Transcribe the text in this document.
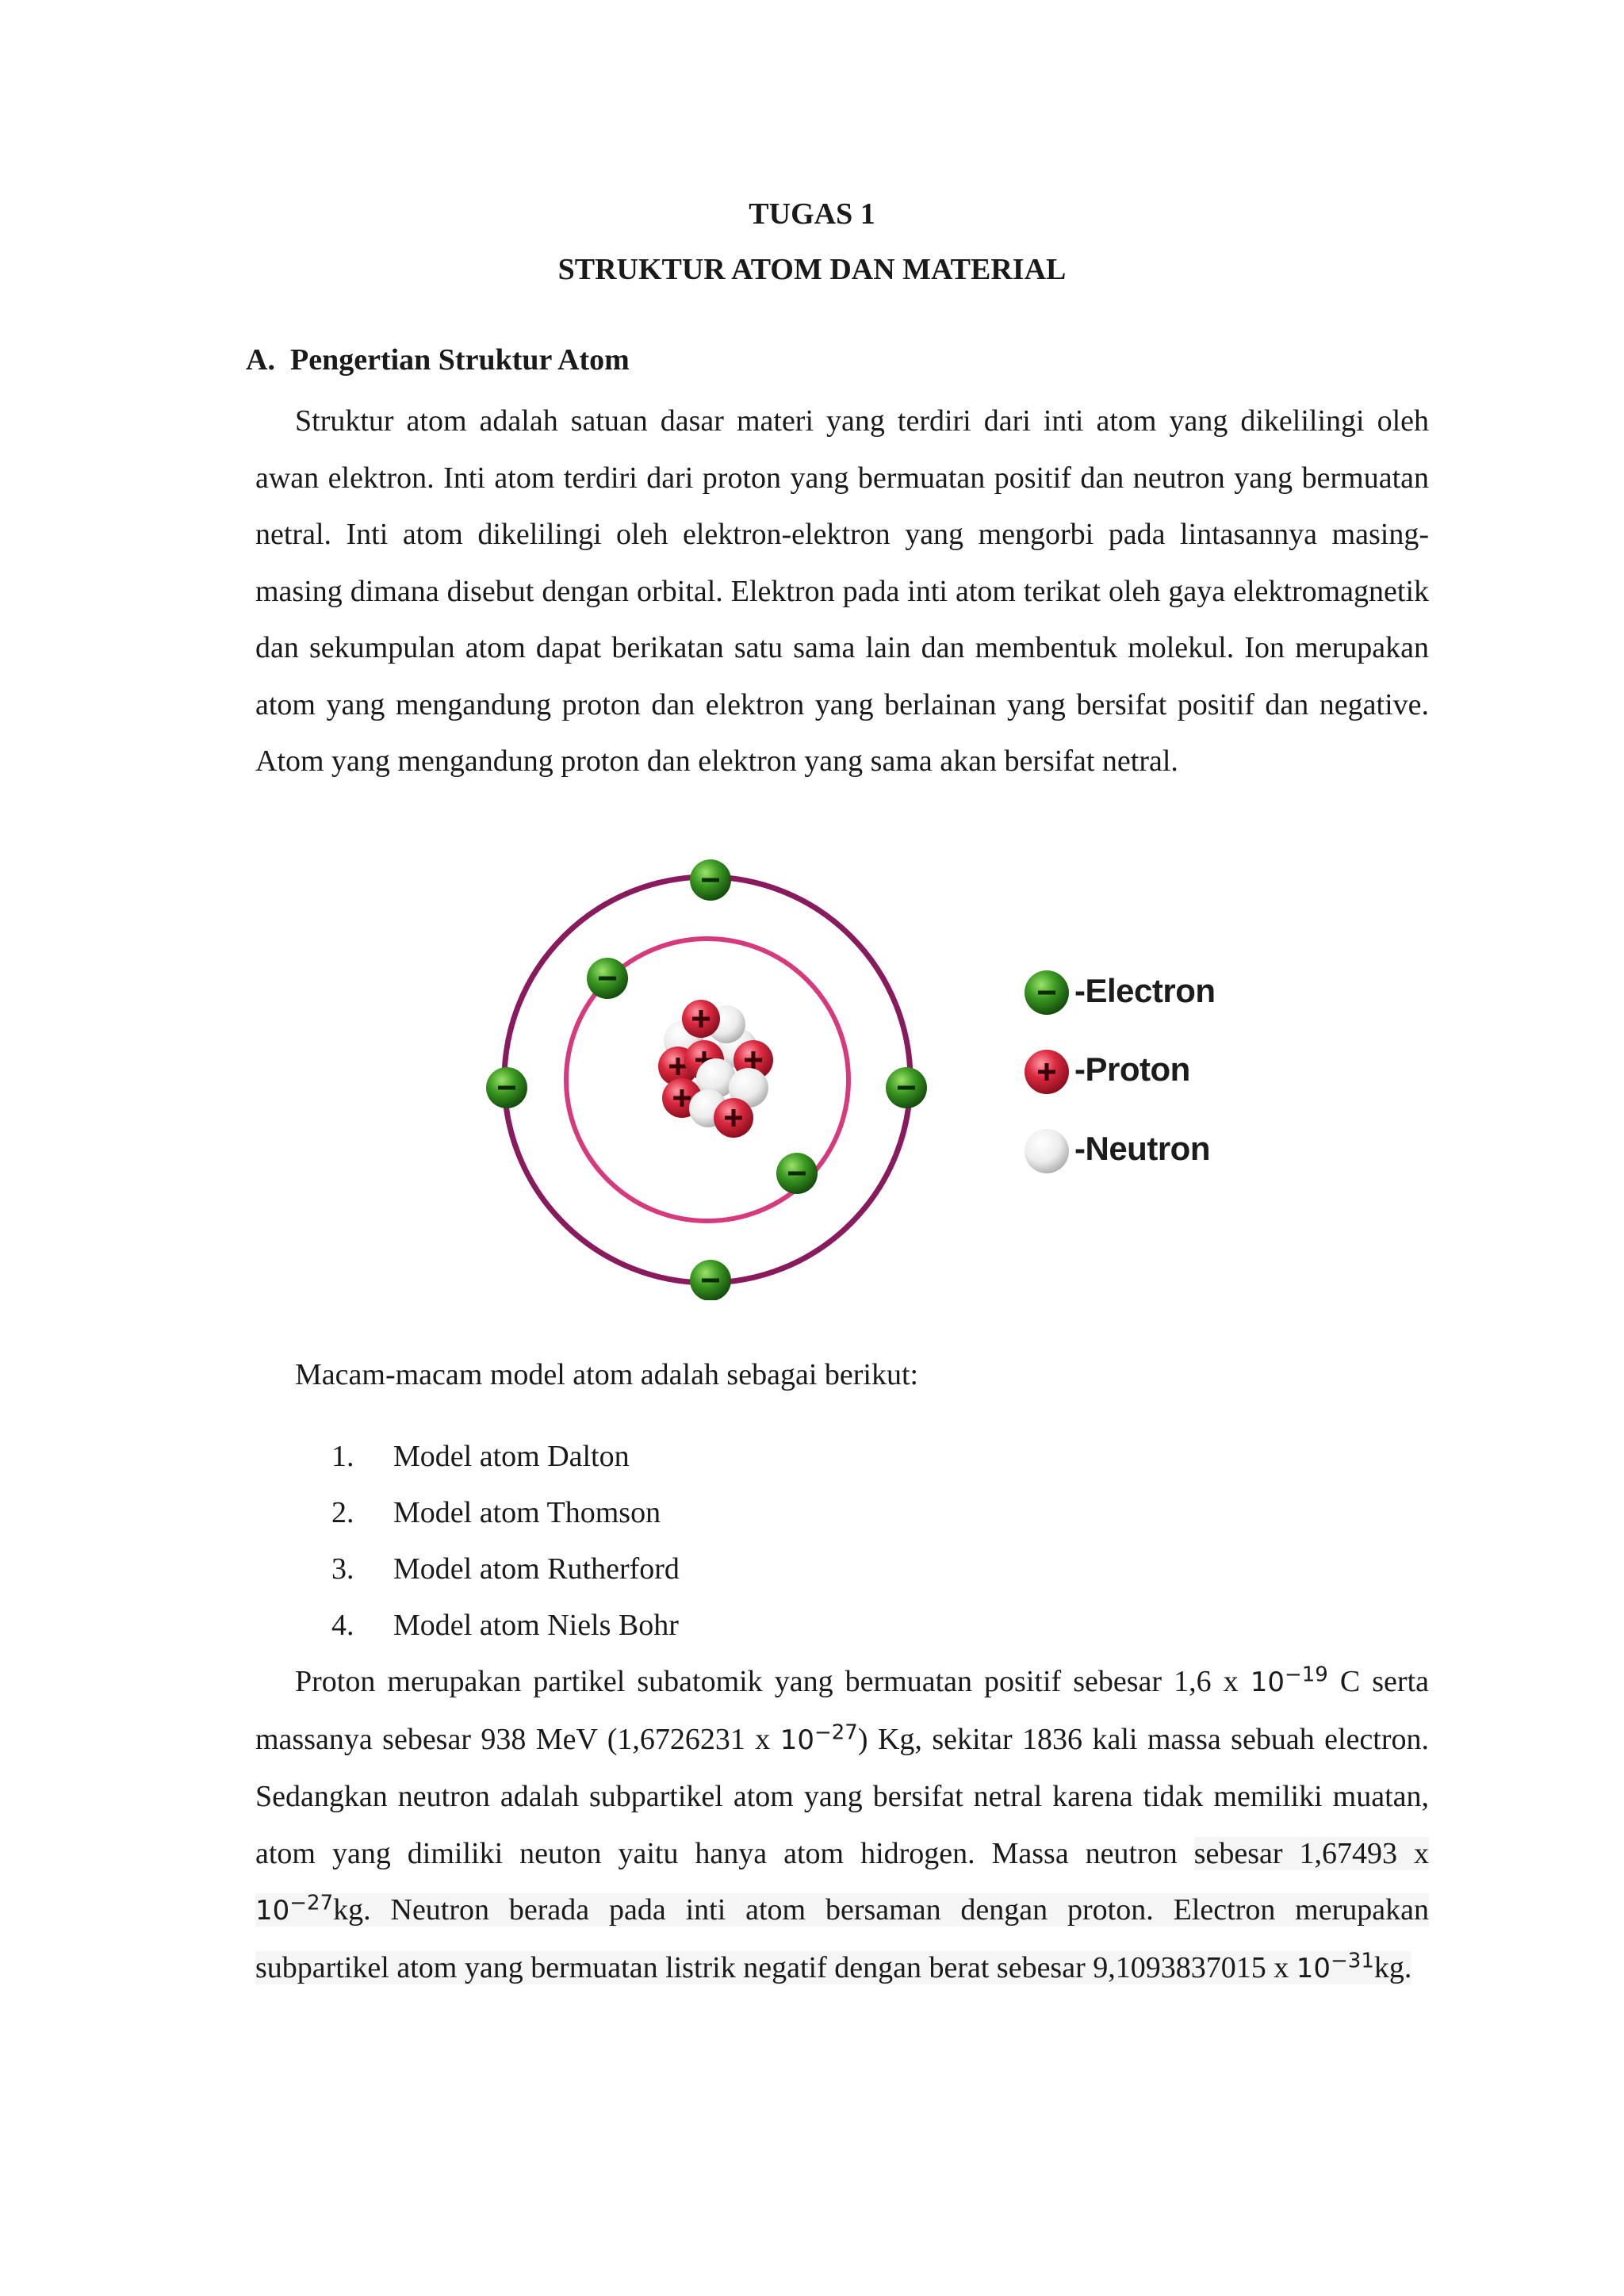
TUGAS 1
STRUKTUR ATOM DAN MATERIAL
A. Pengertian Struktur Atom

Struktur atom adalah satuan dasar materi yang terdiri dari inti atom yang dikelilingi oleh awan elektron. Inti atom terdiri dari proton yang bermuatan positif dan neutron yang bermuatan netral. Inti atom dikelilingi oleh elektron-elektron yang mengorbi pada lintasannya masing-masing dimana disebut dengan orbital. Elektron pada inti atom terikat oleh gaya elektromagnetik dan sekumpulan atom dapat berikatan satu sama lain dan membentuk molekul. Ion merupakan atom yang mengandung proton dan elektron yang berlainan yang bersifat positif dan negative. Atom yang mengandung proton dan elektron yang sama akan bersifat netral.

-Electron
-Proton
-Neutron
Macam-macam model atom adalah sebagai berikut:
1. Model atom Dalton
2. Model atom Thomson
3. Model atom Rutherford
4. Model atom Niels Bohr

Proton merupakan partikel subatomik yang bermuatan positif sebesar 1,6 x $10^{-19}$ C serta massanya sebesar 938 MeV (1,6726231 x $10^{-27}$) Kg, sekitar 1836 kali massa sebuah electron. Sedangkan neutron adalah subpartikel atom yang bersifat netral karena tidak memiliki muatan, atom yang dimiliki neuton yaitu hanya atom hidrogen. Massa neutron sebesar 1,67493 x $10^{-27}kg$. Neutron berada pada inti atom bersaman dengan proton. Electron merupakan subpartikel atom yang bermuatan listrik negatif dengan berat sebesar 9,1093837015 x $10^{-31}kg$.
